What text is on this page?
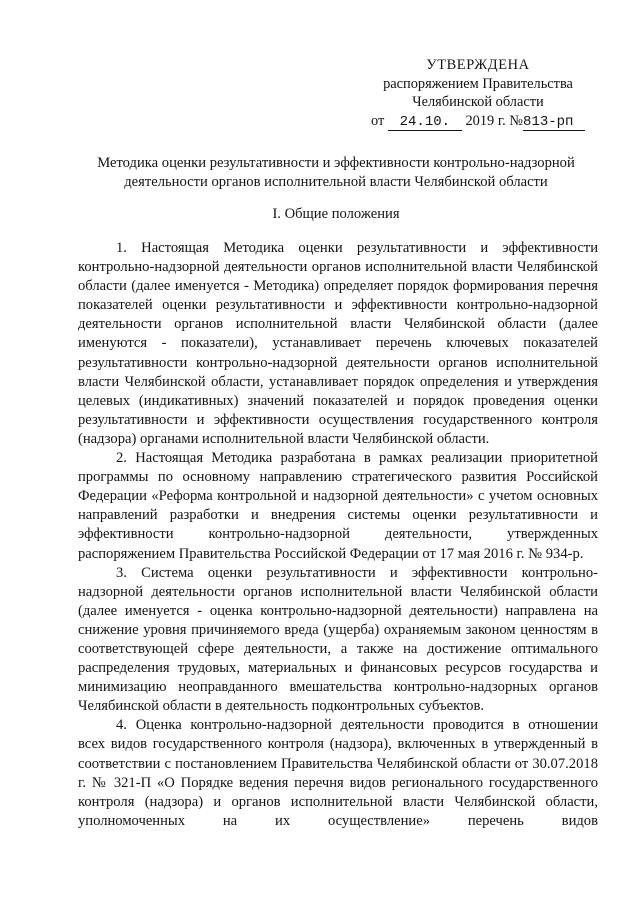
УТВЕРЖДЕНА
распоряжением Правительства
Челябинской области
от 24.10. 2019 г. №813-рп
Методика оценки результативности и эффективности контрольно-надзорной
деятельности органов исполнительной власти Челябинской области
I. Общие положения

1. Настоящая Методика оценки результативности и эффективности контрольно-надзорной деятельности органов исполнительной власти Челябинской области (далее именуется - Методика) определяет порядок формирования перечня показателей оценки результативности и эффективности контрольно-надзорной деятельности органов исполнительной власти Челябинской области (далее именуются - показатели), устанавливает перечень ключевых показателей результативности контрольно-надзорной деятельности органов исполнительной власти Челябинской области, устанавливает порядок определения и утверждения целевых (индикативных) значений показателей и порядок проведения оценки результативности и эффективности осуществления государственного контроля (надзора) органами исполнительной власти Челябинской области.

2. Настоящая Методика разработана в рамках реализации приоритетной программы по основному направлению стратегического развития Российской Федерации «Реформа контрольной и надзорной деятельности» с учетом основных направлений разработки и внедрения системы оценки результативности и эффективности контрольно-надзорной деятельности, утвержденных распоряжением Правительства Российской Федерации от 17 мая 2016 г. № 934-р.

3. Система оценки результативности и эффективности контрольно-надзорной деятельности органов исполнительной власти Челябинской области (далее именуется - оценка контрольно-надзорной деятельности) направлена на снижение уровня причиняемого вреда (ущерба) охраняемым законом ценностям в соответствующей сфере деятельности, а также на достижение оптимального распределения трудовых, материальных и финансовых ресурсов государства и минимизацию неоправданного вмешательства контрольно-надзорных органов Челябинской области в деятельность подконтрольных субъектов.

4. Оценка контрольно-надзорной деятельности проводится в отношении всех видов государственного контроля (надзора), включенных в утвержденный в соответствии с постановлением Правительства Челябинской области от 30.07.2018 г. № 321-П «О Порядке ведения перечня видов регионального государственного контроля (надзора) и органов исполнительной власти Челябинской области, уполномоченных на их осуществление» перечень видов
